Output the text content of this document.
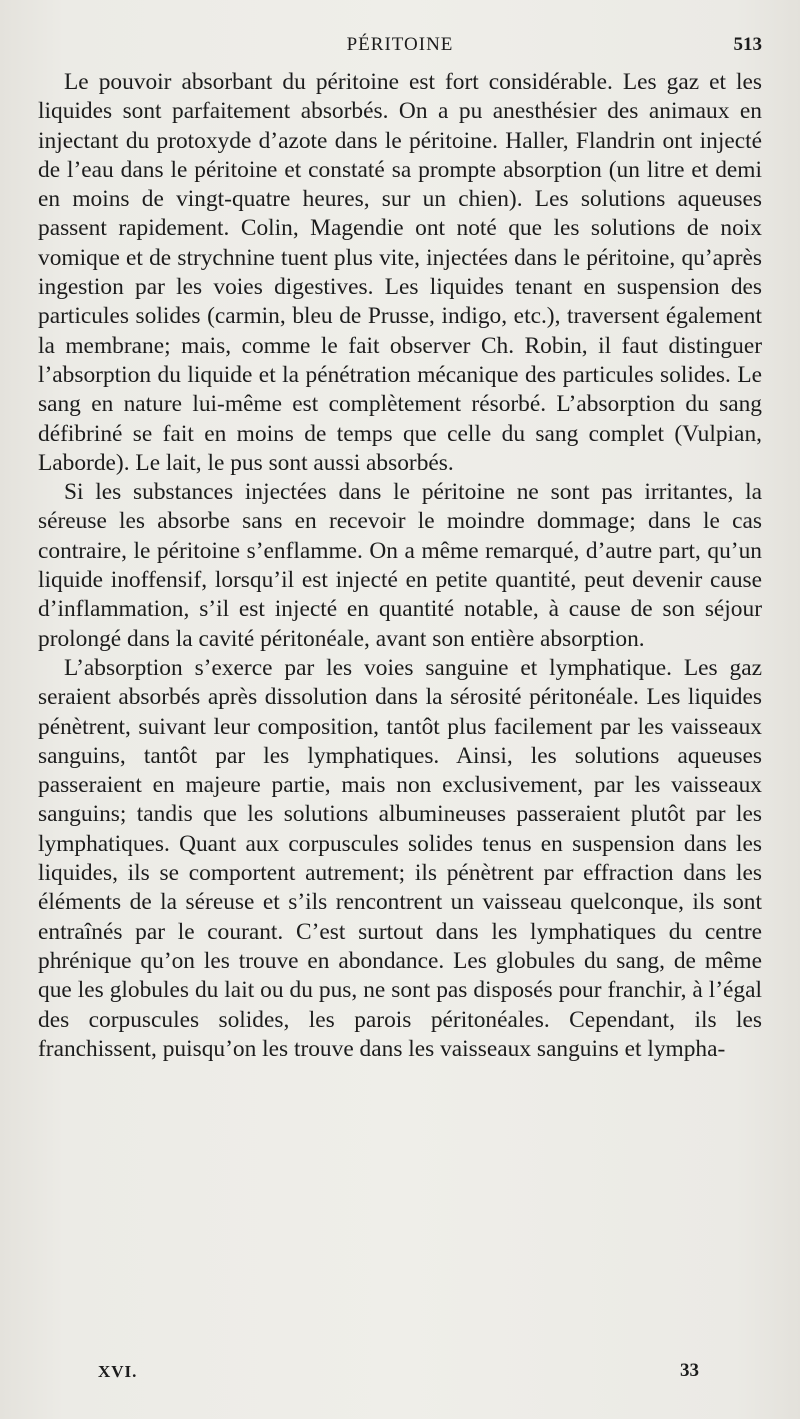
PÉRITOINE	513

Le pouvoir absorbant du péritoine est fort considérable. Les gaz et les liquides sont parfaitement absorbés. On a pu anesthésier des animaux en injectant du protoxyde d’azote dans le péritoine. Haller, Flandrin ont injecté de l’eau dans le péritoine et constaté sa prompte absorption (un litre et demi en moins de vingt-quatre heures, sur un chien). Les solutions aqueuses passent rapidement. Colin, Magendie ont noté que les solutions de noix vomique et de strychnine tuent plus vite, injectées dans le péritoine, qu’après ingestion par les voies digestives. Les liquides tenant en suspension des particules solides (carmin, bleu de Prusse, indigo, etc.), traversent également la membrane; mais, comme le fait observer Ch. Robin, il faut distinguer l’absorption du liquide et la pénétration mécanique des particules solides. Le sang en nature lui-même est complètement résorbé. L’absorption du sang défibriné se fait en moins de temps que celle du sang complet (Vulpian, Laborde). Le lait, le pus sont aussi absorbés.

Si les substances injectées dans le péritoine ne sont pas irritantes, la séreuse les absorbe sans en recevoir le moindre dommage; dans le cas contraire, le péritoine s’enflamme. On a même remarqué, d’autre part, qu’un liquide inoffensif, lorsqu’il est injecté en petite quantité, peut devenir cause d’inflammation, s’il est injecté en quantité notable, à cause de son séjour prolongé dans la cavité péritonéale, avant son entière absorption.

L’absorption s’exerce par les voies sanguine et lymphatique. Les gaz seraient absorbés après dissolution dans la sérosité péritonéale. Les liquides pénètrent, suivant leur composition, tantôt plus facilement par les vaisseaux sanguins, tantôt par les lymphatiques. Ainsi, les solutions aqueuses passeraient en majeure partie, mais non exclusivement, par les vaisseaux sanguins; tandis que les solutions albumineuses passeraient plutôt par les lymphatiques. Quant aux corpuscules solides tenus en suspension dans les liquides, ils se comportent autrement; ils pénètrent par effraction dans les éléments de la séreuse et s’ils rencontrent un vaisseau quelconque, ils sont entraînés par le courant. C’est surtout dans les lymphatiques du centre phrénique qu’on les trouve en abondance. Les globules du sang, de même que les globules du lait ou du pus, ne sont pas disposés pour franchir, à l’égal des corpuscules solides, les parois péritonéales. Cependant, ils les franchissent, puisqu’on les trouve dans les vaisseaux sanguins et lympha-

XVI.	33
